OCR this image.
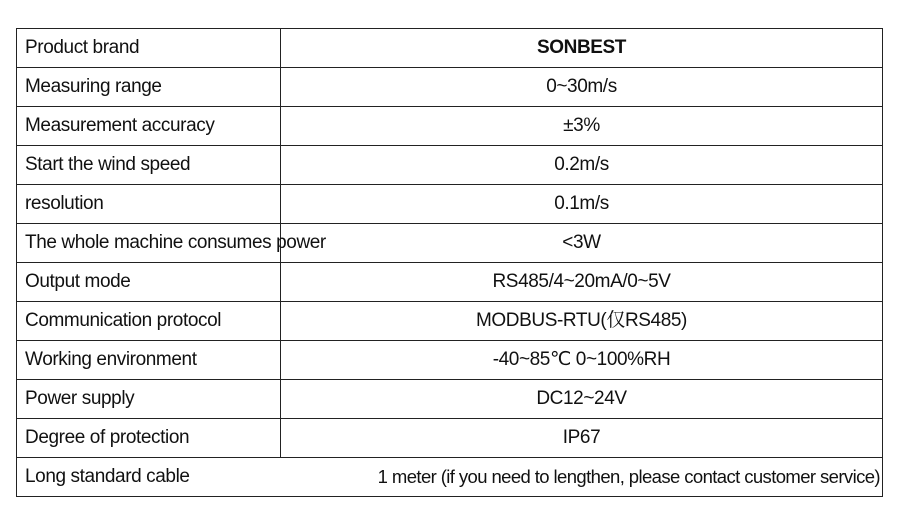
Product brand	SONBEST
Measuring range	0~30m/s
Measurement accuracy	±3%
Start the wind speed	0.2m/s
resolution	0.1m/s
The whole machine consumes power	<3W
Output mode	RS485/4~20mA/0~5V
Communication protocol	MODBUS-RTU(仅RS485)
Working environment	-40~85℃ 0~100%RH
Power supply	DC12~24V
Degree of protection	IP67

Long standard cable 1 meter (if you need to lengthen, please contact customer service)	
